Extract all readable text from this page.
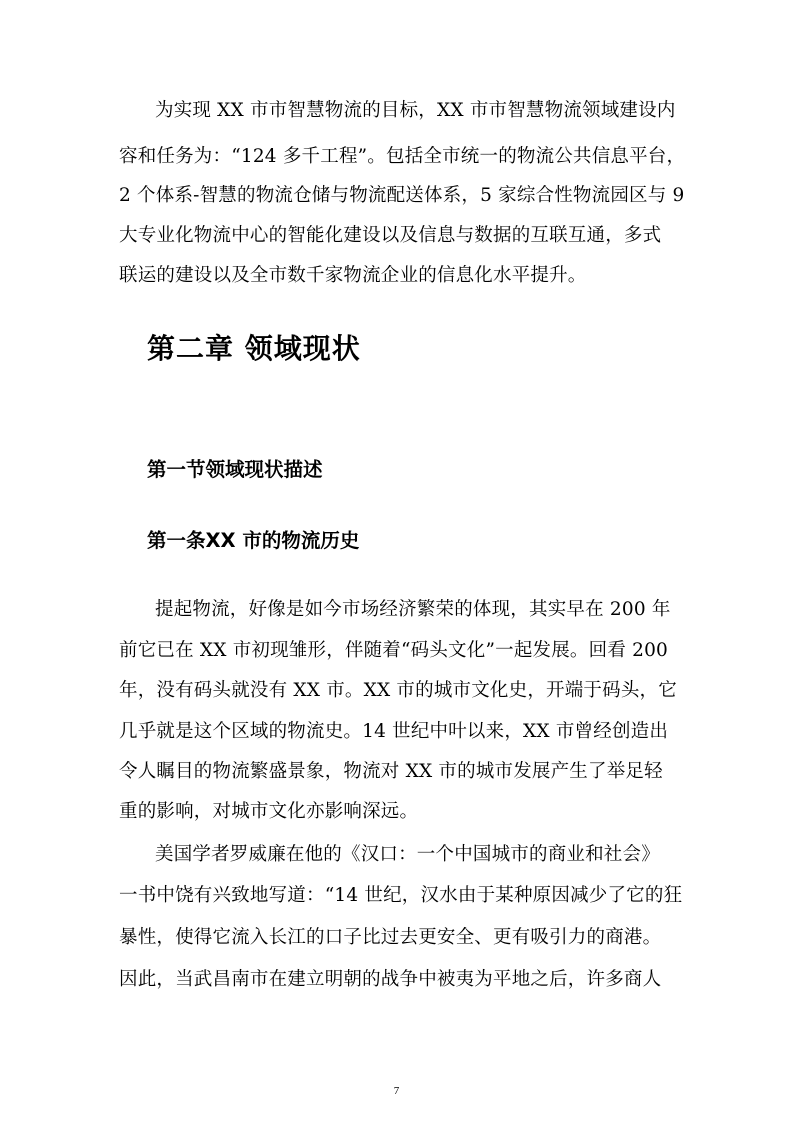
为实现 XX 市市智慧物流的目标，XX 市市智慧物流领域建设内
容和任务为：“124 多千工程”。包括全市统一的物流公共信息平台，
2 个体系-智慧的物流仓储与物流配送体系，5 家综合性物流园区与 9
大专业化物流中心的智能化建设以及信息与数据的互联互通，多式
联运的建设以及全市数千家物流企业的信息化水平提升。
第二章 领域现状
第一节领域现状描述
第一条XX 市的物流历史
提起物流，好像是如今市场经济繁荣的体现，其实早在 200 年
前它已在 XX 市初现雏形，伴随着“码头文化”一起发展。回看 200
年，没有码头就没有 XX 市。XX 市的城市文化史，开端于码头，它
几乎就是这个区域的物流史。14 世纪中叶以来，XX 市曾经创造出
令人瞩目的物流繁盛景象，物流对 XX 市的城市发展产生了举足轻
重的影响，对城市文化亦影响深远。
美国学者罗威廉在他的《汉口：一个中国城市的商业和社会》
一书中饶有兴致地写道：“14 世纪，汉水由于某种原因减少了它的狂
暴性，使得它流入长江的口子比过去更安全、更有吸引力的商港。
因此，当武昌南市在建立明朝的战争中被夷为平地之后，许多商人
7
